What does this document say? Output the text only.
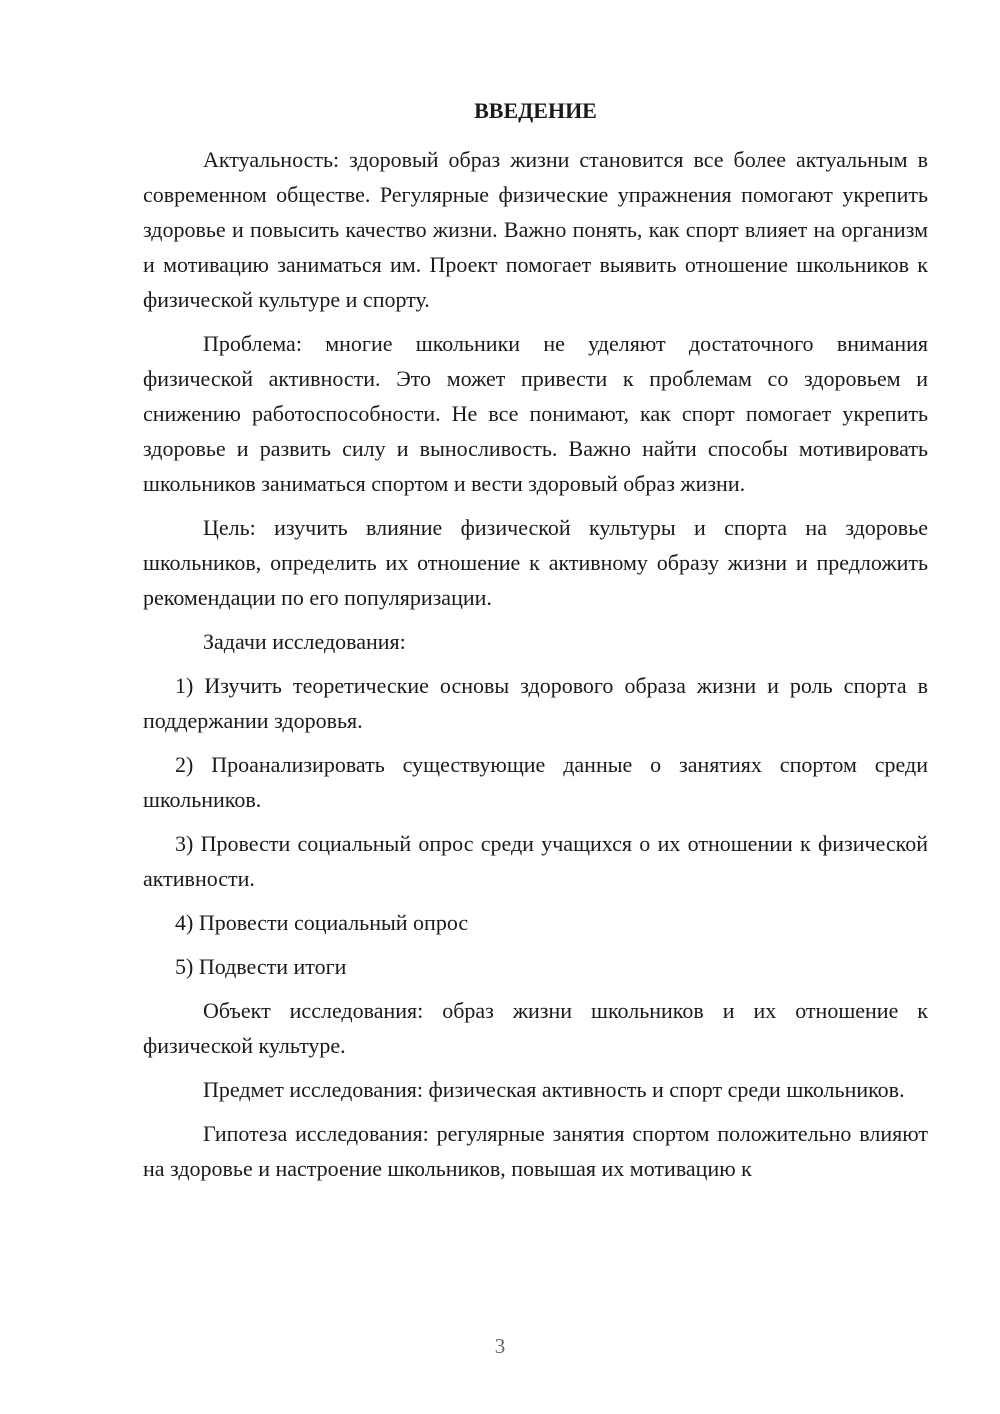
ВВЕДЕНИЕ

Актуальность: здоровый образ жизни становится все более актуальным в современном обществе. Регулярные физические упражнения помогают укрепить здоровье и повысить качество жизни. Важно понять, как спорт влияет на организм и мотивацию заниматься им. Проект помогает выявить отношение школьников к физической культуре и спорту.

Проблема: многие школьники не уделяют достаточного внимания физической активности. Это может привести к проблемам со здоровьем и снижению работоспособности. Не все понимают, как спорт помогает укрепить здоровье и развить силу и выносливость. Важно найти способы мотивировать школьников заниматься спортом и вести здоровый образ жизни.

Цель: изучить влияние физической культуры и спорта на здоровье школьников, определить их отношение к активному образу жизни и предложить рекомендации по его популяризации.

Задачи исследования:

1) Изучить теоретические основы здорового образа жизни и роль спорта в поддержании здоровья.

2) Проанализировать существующие данные о занятиях спортом среди школьников.

3) Провести социальный опрос среди учащихся о их отношении к физической активности.

4) Провести социальный опрос

5) Подвести итоги

Объект исследования: образ жизни школьников и их отношение к физической культуре.

Предмет исследования: физическая активность и спорт среди школьников.

Гипотеза исследования: регулярные занятия спортом положительно влияют на здоровье и настроение школьников, повышая их мотивацию к

3
